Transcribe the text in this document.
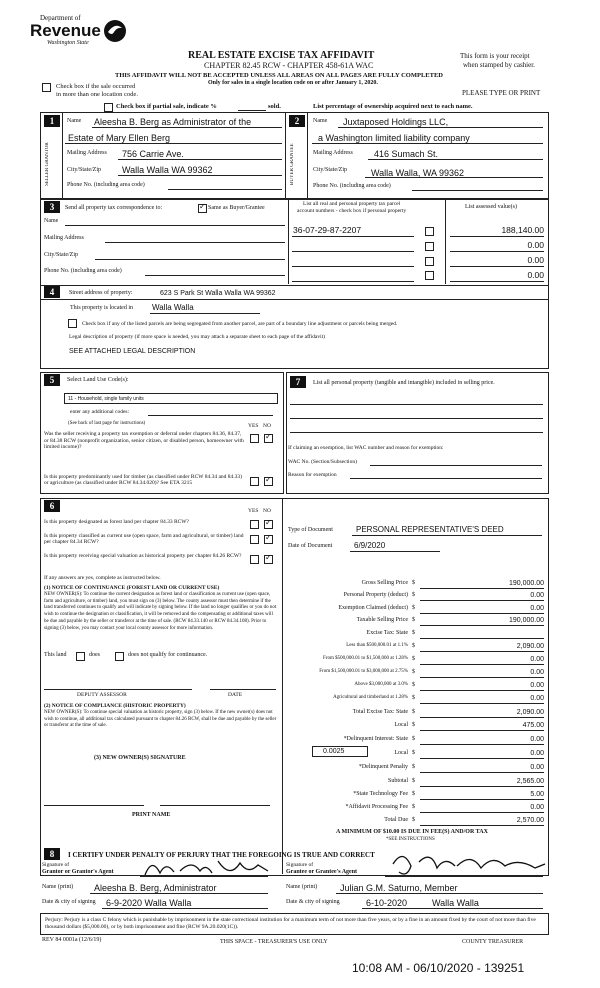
Department of
Revenue
Washington State
REAL ESTATE EXCISE TAX AFFIDAVIT
CHAPTER 82.45 RCW - CHAPTER 458-61A WAC
THIS AFFIDAVIT WILL NOT BE ACCEPTED UNLESS ALL AREAS ON ALL PAGES ARE FULLY COMPLETED
Only for sales in a single location code on or after January 1, 2020.
This form is your receipt
when stamped by cashier.
PLEASE TYPE OR PRINT
Check box if the sale occurred
in more than one location code.
Check box if partial sale, indicate %	sold.	List percentage of ownership acquired next to each name.
1
SELLER GRANTOR
Name Aleesha B. Berg as Administrator of the
Estate of Mary Ellen Berg
Mailing Address 756 Carrie Ave.
City/State/Zip Walla Walla WA 99362
Phone No. (including area code)
2
BUYER GRANTEE
Name Juxtaposed Holdings LLC,
a Washington limited liability company
Mailing Address 416 Sumach St.
City/State/Zip	Walla Walla, WA 99362
Phone No. (including area code)
3	Send all property tax correspondence to:
✓	Same as Buyer/Grantee
List all real and personal property tax parcel
account numbers - check box if personal property
List assessed value(s)
Name
Mailing Address
City/State/Zip
Phone No. (including area code)
36-07-29-87-2207	188,140.00
0.00
0.00
0.00
4	Street address of property:	623 S Park St Walla Walla WA 99362
This property is located in Walla Walla
Check box if any of the listed parcels are being segregated from another parcel, are part of a boundary line adjustment or parcels being merged.
Legal description of property (if more space is needed, you may attach a separate sheet to each page of the affidavit)
SEE ATTACHED LEGAL DESCRIPTION
5	Select Land Use Code(s):
11 - Household, single family units
enter any additional codes:
(See back of last page for instructions)	YES NO
Was the seller receiving a property tax exemption or deferral under chapters 84.36, 84.37, or 84.38 RCW (nonprofit organization, senior citizen, or disabled person, homeowner with limited income)?
✓
Is this property predominantly used for timber (as classified under RCW 84.34 and 84.33) or agriculture (as classified under RCW 84.34.020)? See ETA 3215
✓
7	List all personal property (tangible and intangible) included in selling price.
If claiming an exemption, list WAC number and reason for exemption:
WAC No. (Section/Subsection)
Reason for exemption
6	YES NO
Is this property designated as forest land per chapter 84.33 RCW?
✓
Is this property classified as current use (open space, farm and agricultural, or timber) land per chapter 84.34 RCW?
✓
Is this property receiving special valuation as historical property per chapter 84.26 RCW?
✓
If any answers are yes, complete as instructed below.
(1) NOTICE OF CONTINUANCE (FOREST LAND OR CURRENT USE)
NEW OWNER(S): To continue the current designation as forest land or classification as current use (open space, farm and agriculture, or timber) land, you must sign on (3) below. The county assessor must then determine if the land transferred continues to qualify and will indicate by signing below. If the land no longer qualifies or you do not wish to continue the designation or classification, it will be removed and the compensating or additional taxes will be due and payable by the seller or transferor at the time of sale. (RCW 84.33.140 or RCW 84.34.108). Prior to signing (3) below, you may contact your local county assessor for more information.
This land	does	does not qualify for continuance.
DEPUTY ASSESSOR	DATE
(2) NOTICE OF COMPLIANCE (HISTORIC PROPERTY)
NEW OWNER(S): To continue special valuation as historic property, sign (3) below. If the new owner(s) does not wish to continue, all additional tax calculated pursuant to chapter 84.26 RCW, shall be due and payable by the seller or transferor at the time of sale.
(3) NEW OWNER(S) SIGNATURE
PRINT NAME
Type of Document	PERSONAL REPRESENTATIVE'S DEED
Date of Document	6/9/2020
0.0025
A MINIMUM OF $10.00 IS DUE IN FEE(S) AND/OR TAX
*SEE INSTRUCTIONS
8	I CERTIFY UNDER PENALTY OF PERJURY THAT THE FOREGOING IS TRUE AND CORRECT
Signature of
Grantor or Grantor's Agent
Signature of
Grantee or Grantee's Agent
Name (print) Aleesha B. Berg, Administrator	Name (print)	Julian G.M. Saturno, Member
Date & city of signing 6-9-2020 Walla Walla	Date & city of signing	6-10-2020	Walla Walla
Perjury: Perjury is a class C felony which is punishable by imprisonment in the state correctional institution for a maximum term of not more than five years, or by a fine in an amount fixed by the court of not more than five thousand dollars ($5,000.00), or by both imprisonment and fine (RCW 9A.20.020(1C)).
REV 84 0001a (12/6/19)	THIS SPACE - TREASURER'S USE ONLY	COUNTY TREASURER
10:08 AM - 06/10/2020 - 139251
Gross Selling Price $	190,000.00
Personal Property (deduct) $	0.00
Exemption Claimed (deduct) $	0.00
Taxable Selling Price $	190,000.00
Excise Tax: State $
Less than $500,000.01 at 1.1% $	2,090.00
From $500,000.01 to $1,500,000 at 1.28% $	0.00
From $1,500,000.01 to $3,000,000 at 2.75% $	0.00
Above $3,000,000 at 3.0% $	0.00
Agricultural and timberland at 1.28% $	0.00
Total Excise Tax: State $	2,090.00
Local $	475.00
*Delinquent Interest: State $	0.00
Local $	0.00
*Delinquent Penalty $	0.00
Subtotal $	2,565.00
*State Technology Fee $	5.00
*Affidavit Processing Fee $	0.00
Total Due $	2,570.00
